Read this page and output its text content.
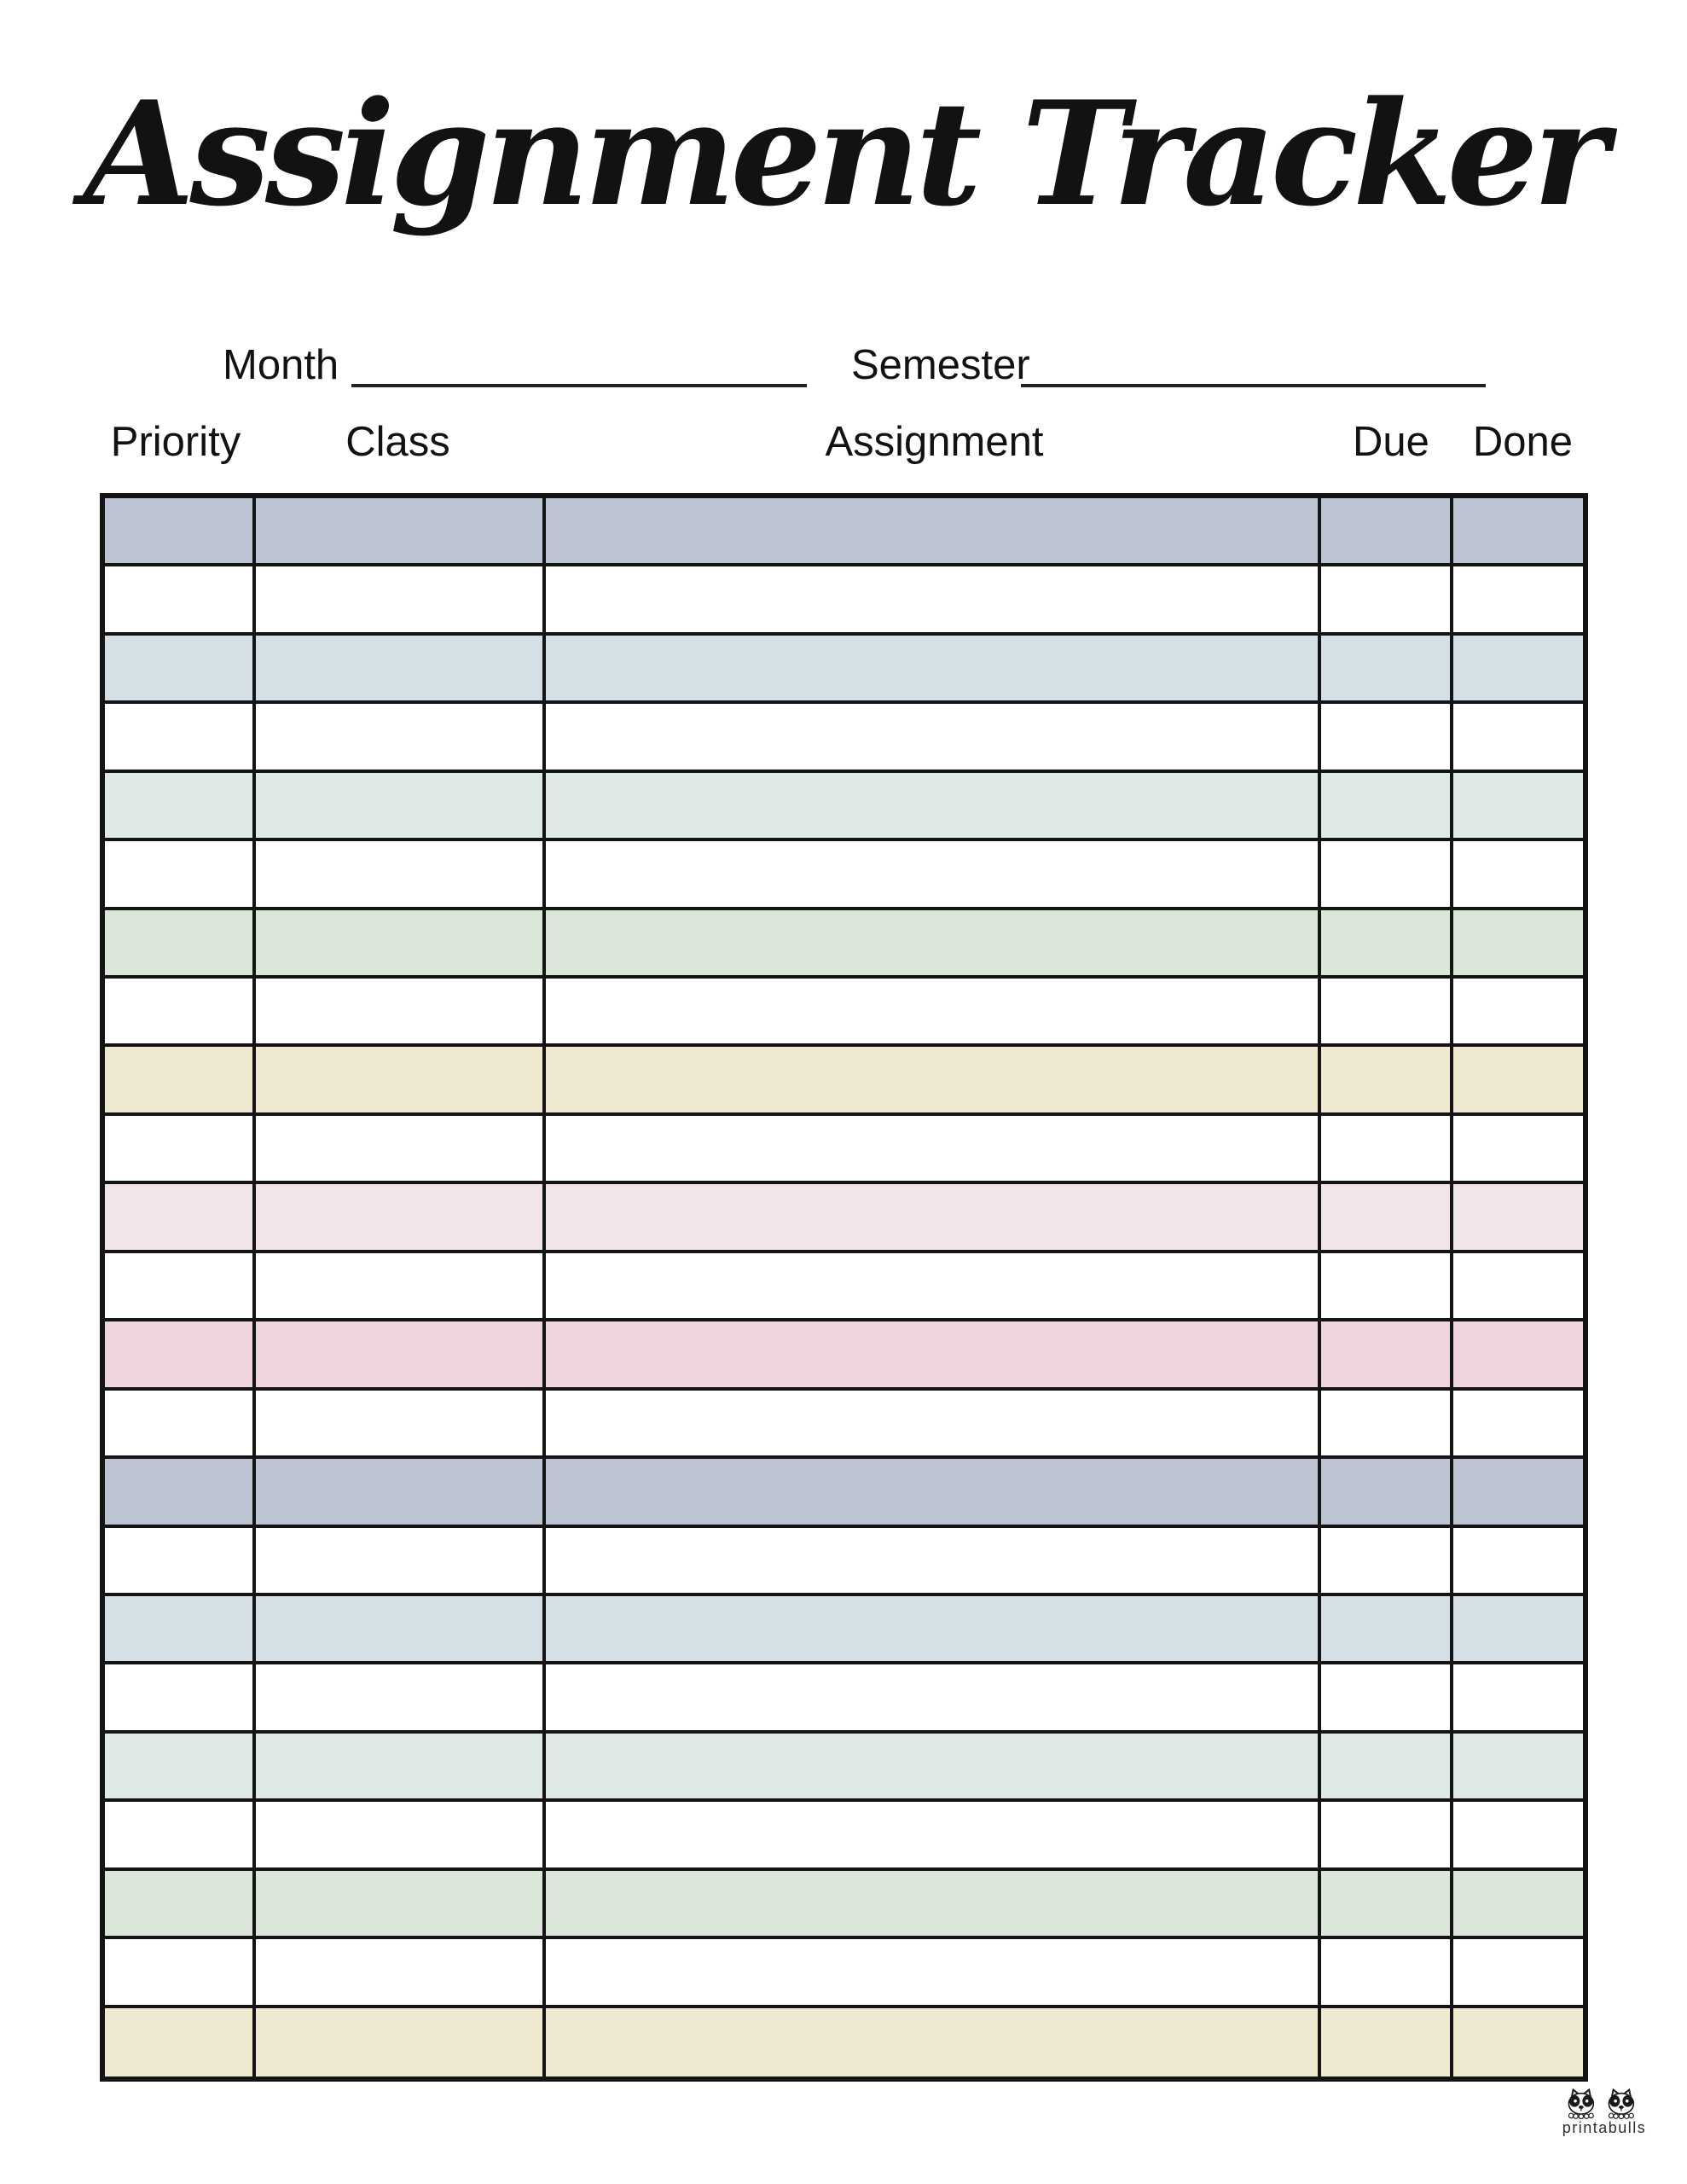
Assignment Tracker
Month	Semester
Priority	Class	Assignment	Due	Done
printabulls
